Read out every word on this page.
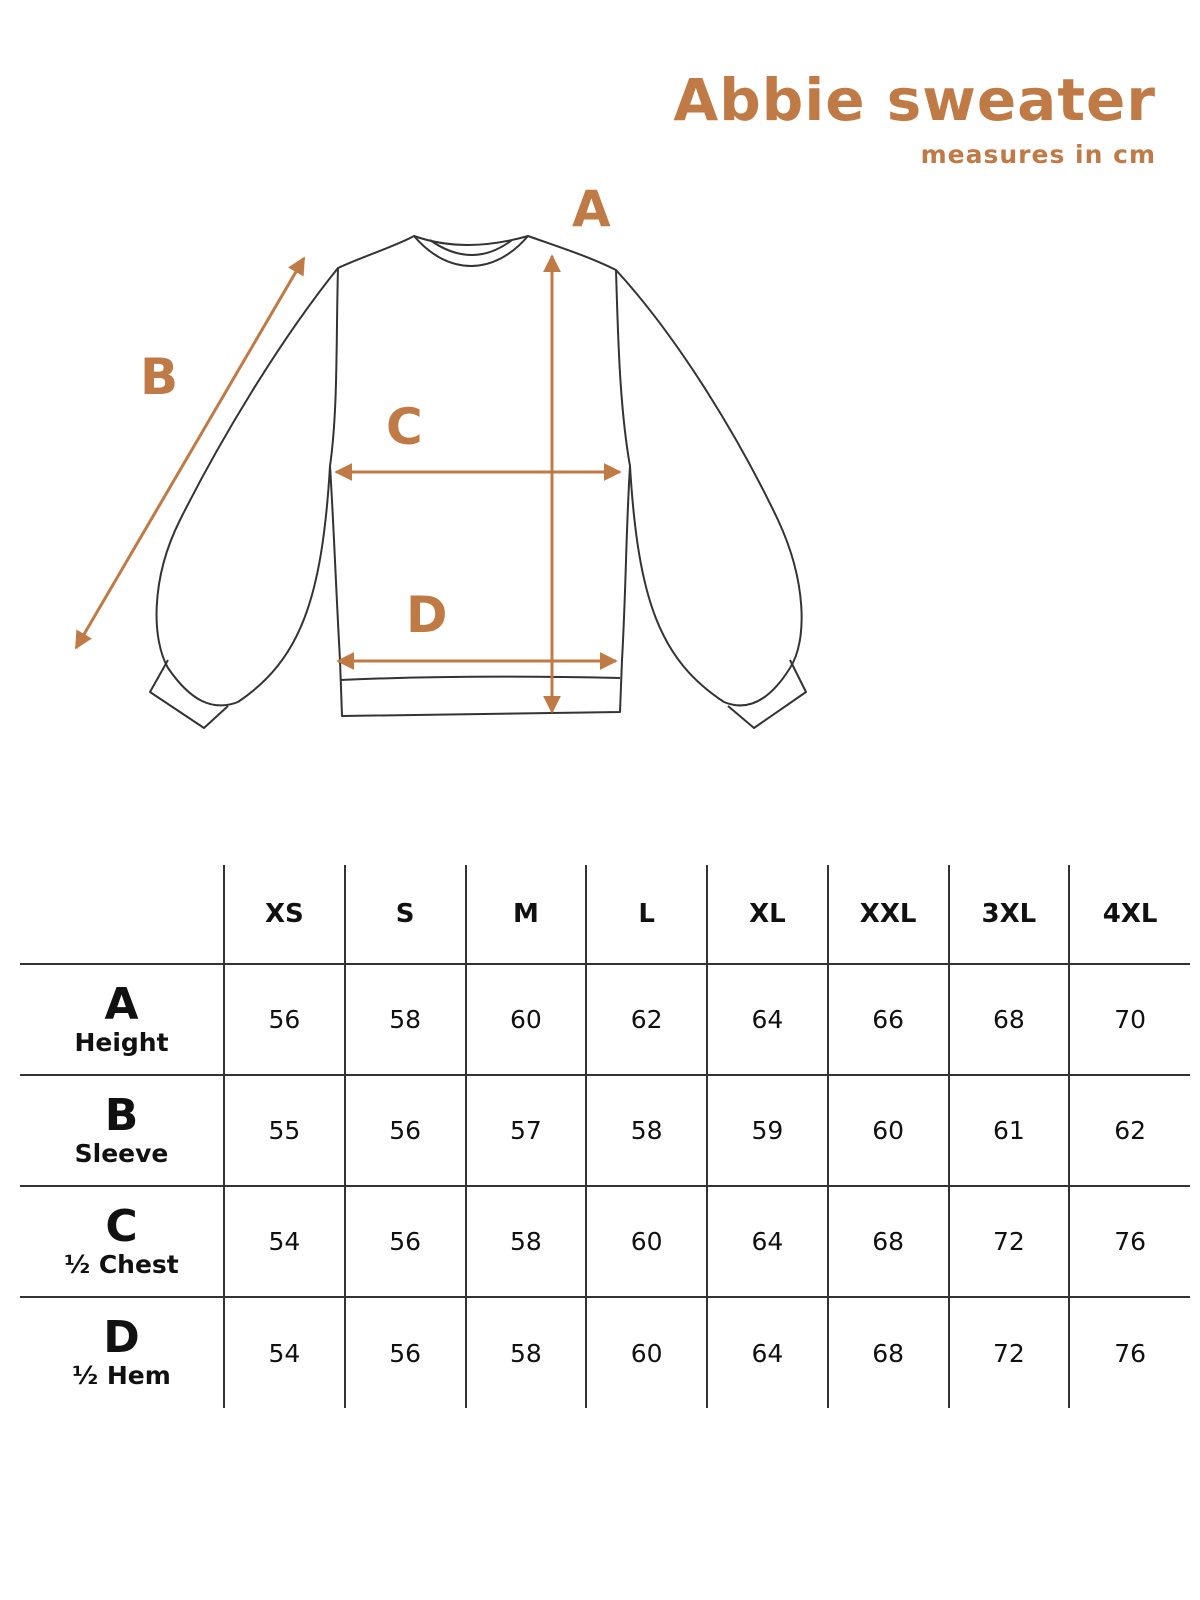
Abbie sweater

measures in cm

A
B
C
D
	XS	S	M	L	XL	XXL	3XL	4XL

A
Height	56	58	60	62	64	66	68	70

B
Sleeve	55	56	57	58	59	60	61	62

C
½ Chest	54	56	58	60	64	68	72	76

D
½ Hem	54	56	58	60	64	68	72	76
